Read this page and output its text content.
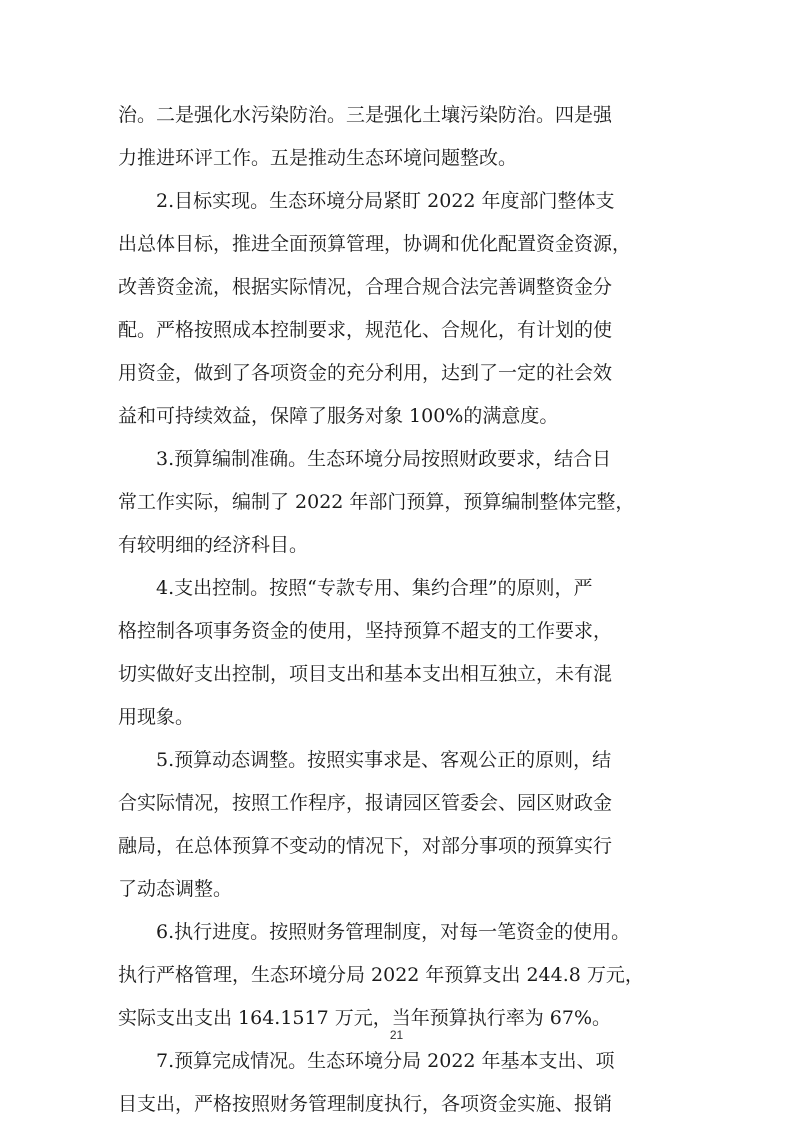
治。二是强化水污染防治。三是强化土壤污染防治。四是强
力推进环评工作。五是推动生态环境问题整改。
2.目标实现。生态环境分局紧盯 2022 年度部门整体支
出总体目标，推进全面预算管理，协调和优化配置资金资源，
改善资金流，根据实际情况，合理合规合法完善调整资金分
配。严格按照成本控制要求，规范化、合规化，有计划的使
用资金，做到了各项资金的充分利用，达到了一定的社会效
益和可持续效益，保障了服务对象 100%的满意度。
3.预算编制准确。生态环境分局按照财政要求，结合日
常工作实际，编制了 2022 年部门预算，预算编制整体完整，
有较明细的经济科目。
4.支出控制。按照“专款专用、集约合理”的原则，严
格控制各项事务资金的使用，坚持预算不超支的工作要求，
切实做好支出控制，项目支出和基本支出相互独立，未有混
用现象。
5.预算动态调整。按照实事求是、客观公正的原则，结
合实际情况，按照工作程序，报请园区管委会、园区财政金
融局，在总体预算不变动的情况下，对部分事项的预算实行
了动态调整。
6.执行进度。按照财务管理制度，对每一笔资金的使用。
执行严格管理，生态环境分局 2022 年预算支出 244.8 万元，
实际支出支出 164.1517 万元，当年预算执行率为 67%。
7.预算完成情况。生态环境分局 2022 年基本支出、项
目支出，严格按照财务管理制度执行，各项资金实施、报销
21
